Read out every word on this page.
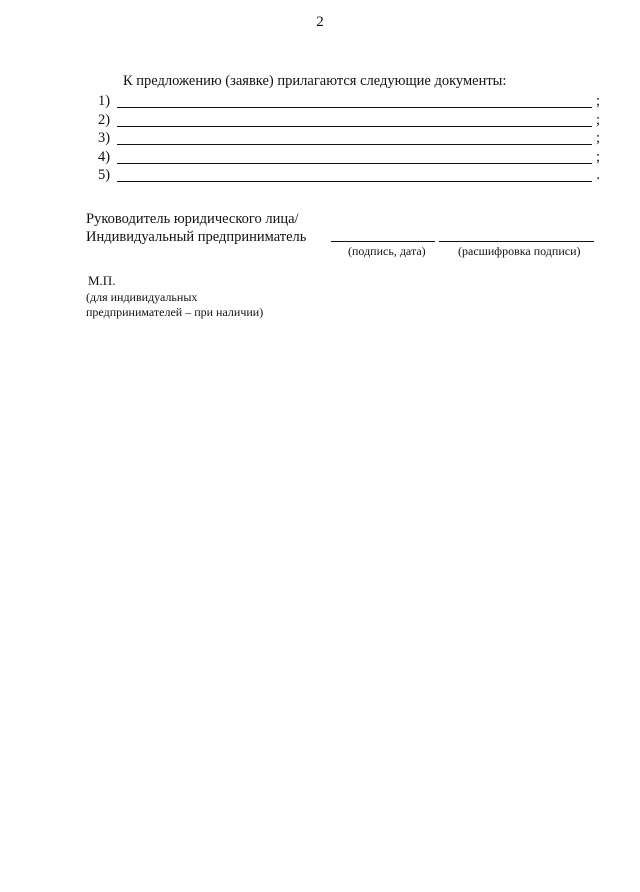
2
К предложению (заявке) прилагаются следующие документы:
1)	;
2)	;
3)	;
4)	;
5)	.
Руководитель юридического лица/
Индивидуальный предприниматель
(подпись, дата)	(расшифровка подписи)
М.П.
(для индивидуальных
предпринимателей – при наличии)
